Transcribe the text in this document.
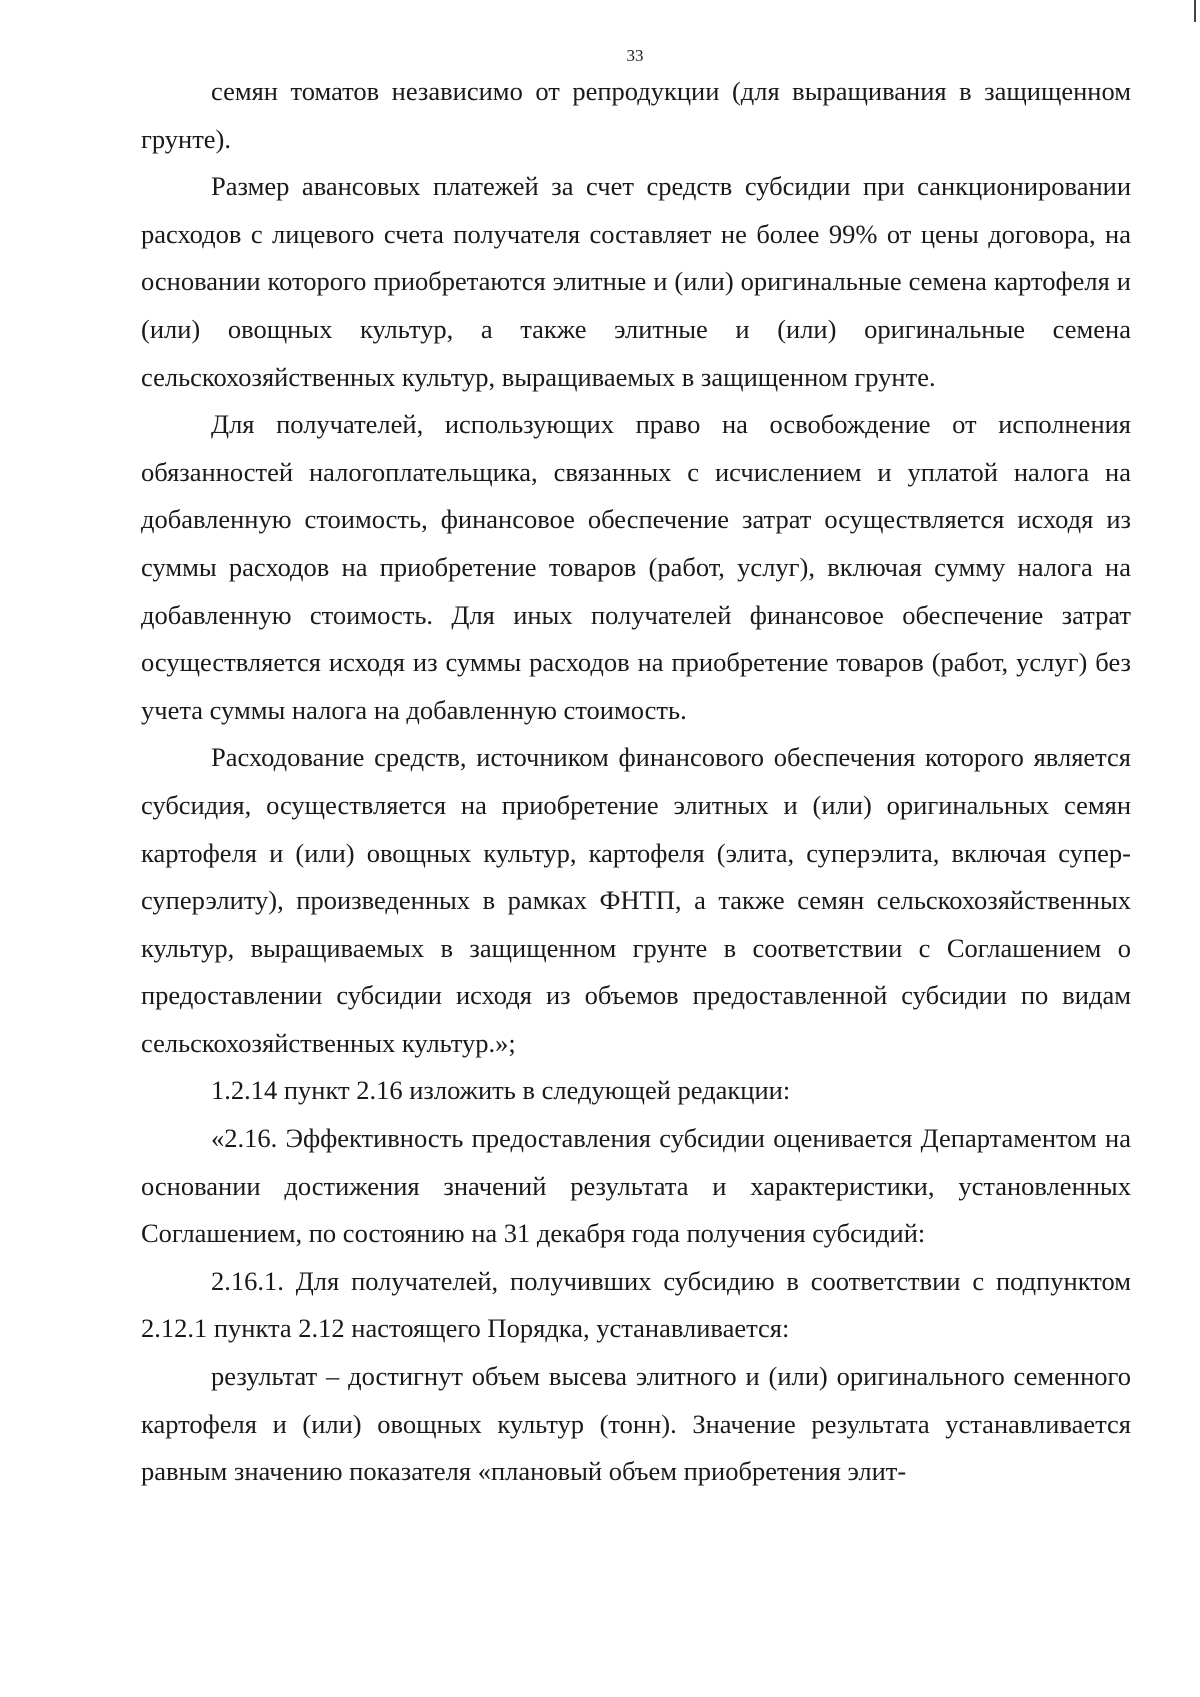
33

семян томатов независимо от репродукции (для выращивания в защищенном грунте).

Размер авансовых платежей за счет средств субсидии при санкционировании расходов с лицевого счета получателя составляет не более 99% от цены договора, на основании которого приобретаются элитные и (или) оригинальные семена картофеля и (или) овощных культур, а также элитные и (или) оригинальные семена сельскохозяйственных культур, выращиваемых в защищенном грунте.

Для получателей, использующих право на освобождение от исполнения обязанностей налогоплательщика, связанных с исчислением и уплатой налога на добавленную стоимость, финансовое обеспечение затрат осуществляется исходя из суммы расходов на приобретение товаров (работ, услуг), включая сумму налога на добавленную стоимость. Для иных получателей финансовое обеспечение затрат осуществляется исходя из суммы расходов на приобретение товаров (работ, услуг) без учета суммы налога на добавленную стоимость.

Расходование средств, источником финансового обеспечения которого является субсидия, осуществляется на приобретение элитных и (или) оригинальных семян картофеля и (или) овощных культур, картофеля (элита, суперэлита, включая супер-суперэлиту), произведенных в рамках ФНТП, а также семян сельскохозяйственных культур, выращиваемых в защищенном грунте в соответствии с Соглашением о предоставлении субсидии исходя из объемов предоставленной субсидии по видам сельскохозяйственных культур.»;

1.2.14 пункт 2.16 изложить в следующей редакции:

«2.16. Эффективность предоставления субсидии оценивается Департаментом на основании достижения значений результата и характеристики, установленных Соглашением, по состоянию на 31 декабря года получения субсидий:

2.16.1. Для получателей, получивших субсидию в соответствии с подпунктом 2.12.1 пункта 2.12 настоящего Порядка, устанавливается:

результат – достигнут объем высева элитного и (или) оригинального семенного картофеля и (или) овощных культур (тонн). Значение результата устанавливается равным значению показателя «плановый объем приобретения элит-
